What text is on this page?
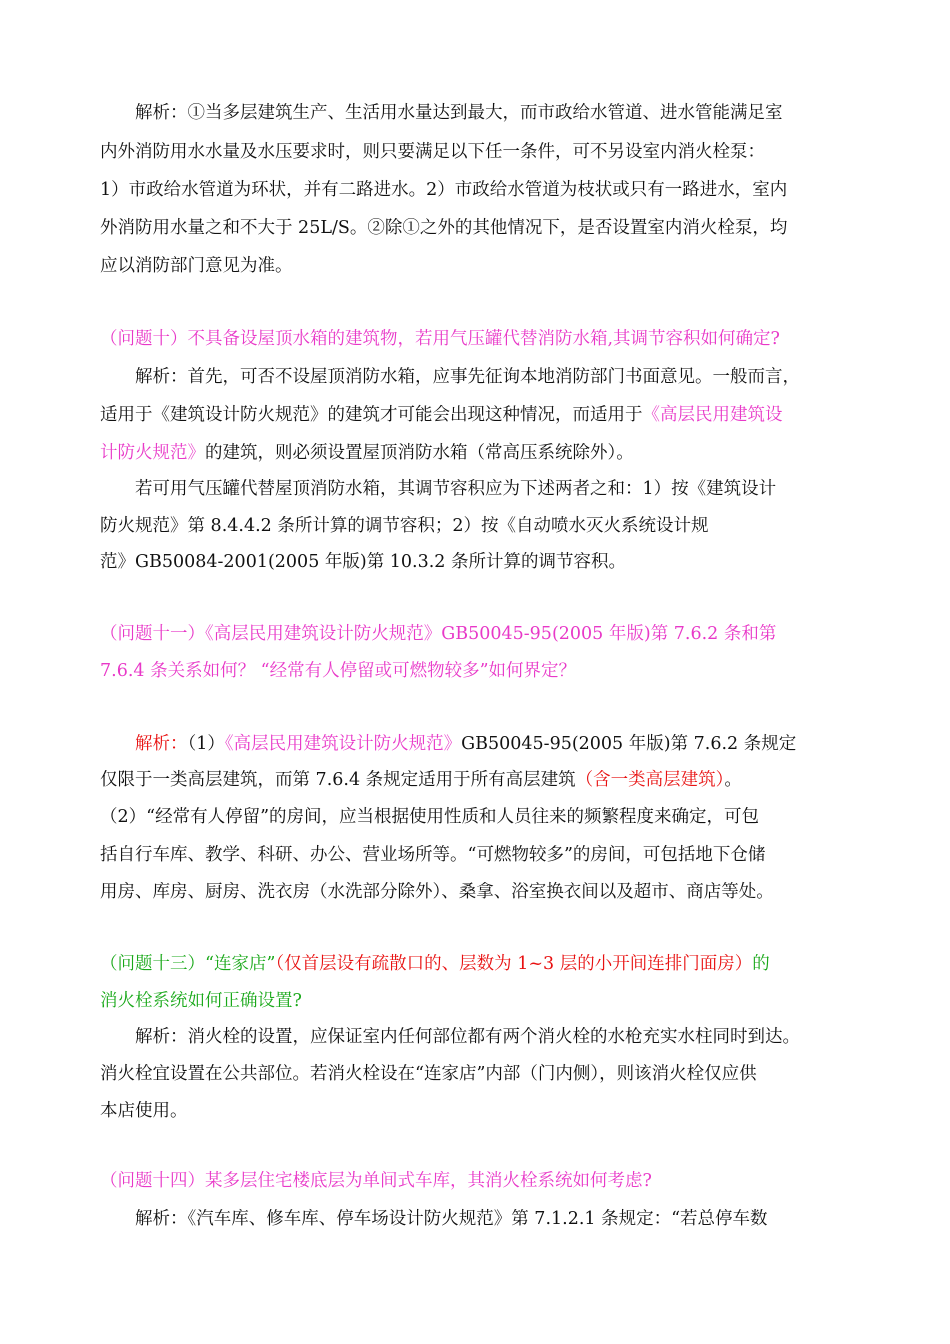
解析：①当多层建筑生产、生活用水量达到最大，而市政给水管道、进水管能满足室
内外消防用水水量及水压要求时，则只要满足以下任一条件，可不另设室内消火栓泵：
1）市政给水管道为环状，并有二路进水。2）市政给水管道为枝状或只有一路进水，室内
外消防用水量之和不大于 25L/S。②除①之外的其他情况下，是否设置室内消火栓泵，均
应以消防部门意见为准。
（问题十）不具备设屋顶水箱的建筑物，若用气压罐代替消防水箱,其调节容积如何确定?
解析：首先，可否不设屋顶消防水箱，应事先征询本地消防部门书面意见。一般而言，
适用于《建筑设计防火规范》的建筑才可能会出现这种情况，而适用于《高层民用建筑设
计防火规范》的建筑，则必须设置屋顶消防水箱（常高压系统除外）。
若可用气压罐代替屋顶消防水箱，其调节容积应为下述两者之和：1）按《建筑设计
防火规范》第 8.4.4.2 条所计算的调节容积；2）按《自动喷水灭火系统设计规
范》GB50084-2001(2005 年版)第 10.3.2 条所计算的调节容积。
（问题十一）《高层民用建筑设计防火规范》GB50045-95(2005 年版)第 7.6.2 条和第
7.6.4 条关系如何？ “经常有人停留或可燃物较多”如何界定？
解析：（1）《高层民用建筑设计防火规范》GB50045-95(2005 年版)第 7.6.2 条规定
仅限于一类高层建筑，而第 7.6.4 条规定适用于所有高层建筑（含一类高层建筑）。
（2）“经常有人停留”的房间，应当根据使用性质和人员往来的频繁程度来确定，可包
括自行车库、教学、科研、办公、营业场所等。“可燃物较多”的房间，可包括地下仓储
用房、库房、厨房、洗衣房（水洗部分除外）、桑拿、浴室换衣间以及超市、商店等处。
（问题十三）“连家店”（仅首层设有疏散口的、层数为 1~3 层的小开间连排门面房）的
消火栓系统如何正确设置?
解析：消火栓的设置，应保证室内任何部位都有两个消火栓的水枪充实水柱同时到达。
消火栓宜设置在公共部位。若消火栓设在“连家店”内部（门内侧），则该消火栓仅应供
本店使用。
（问题十四）某多层住宅楼底层为单间式车库，其消火栓系统如何考虑?
解析：《汽车库、修车库、停车场设计防火规范》第 7.1.2.1 条规定：“若总停车数
